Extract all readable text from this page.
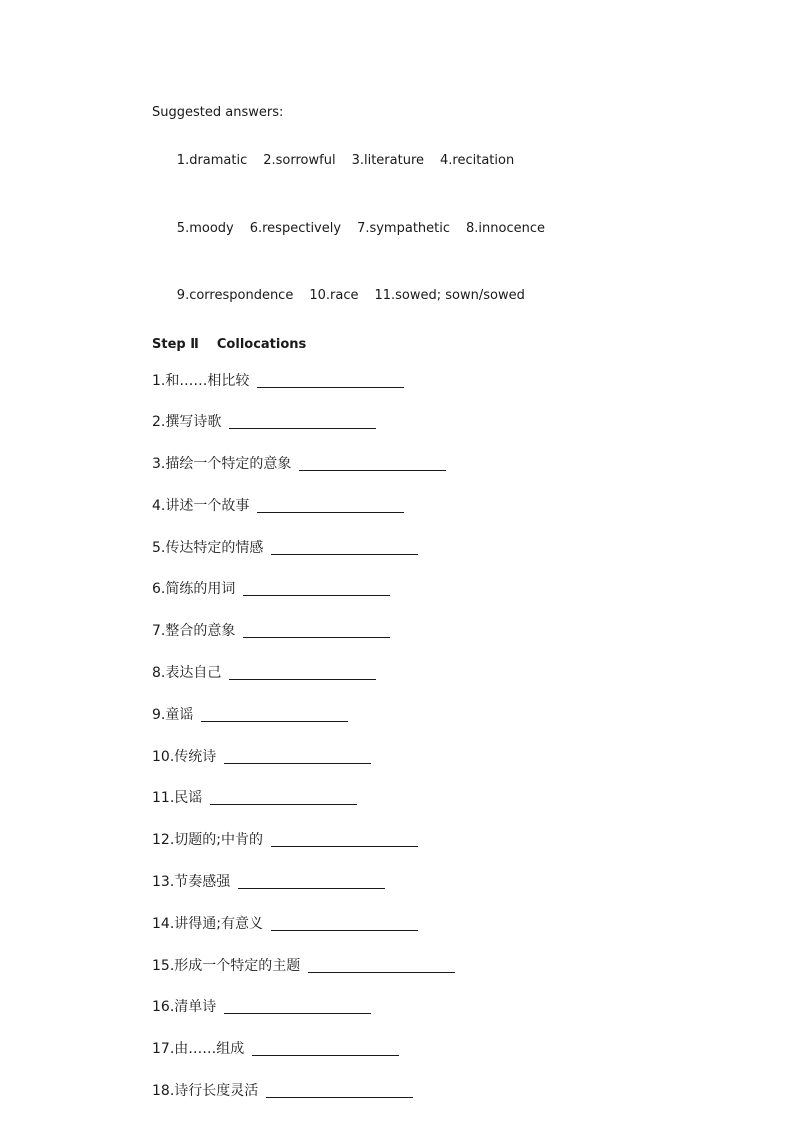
Suggested answers:

1.dramatic 2.sorrowful 3.literature 4.recitation

5.moody 6.respectively 7.sympathetic 8.innocence

9.correspondence 10.race 11.sowed; sown/sowed

Step Ⅱ    Collocations
1. 和……相比较
2. 撰写诗歌
3. 描绘一个特定的意象
4. 讲述一个故事
5. 传达特定的情感
6. 简练的用词
7. 整合的意象
8. 表达自己
9. 童谣
10. 传统诗
11. 民谣
12. 切题的;中肯的
13. 节奏感强
14. 讲得通;有意义
15. 形成一个特定的主题
16. 清单诗
17. 由……组成
18. 诗行长度灵活
